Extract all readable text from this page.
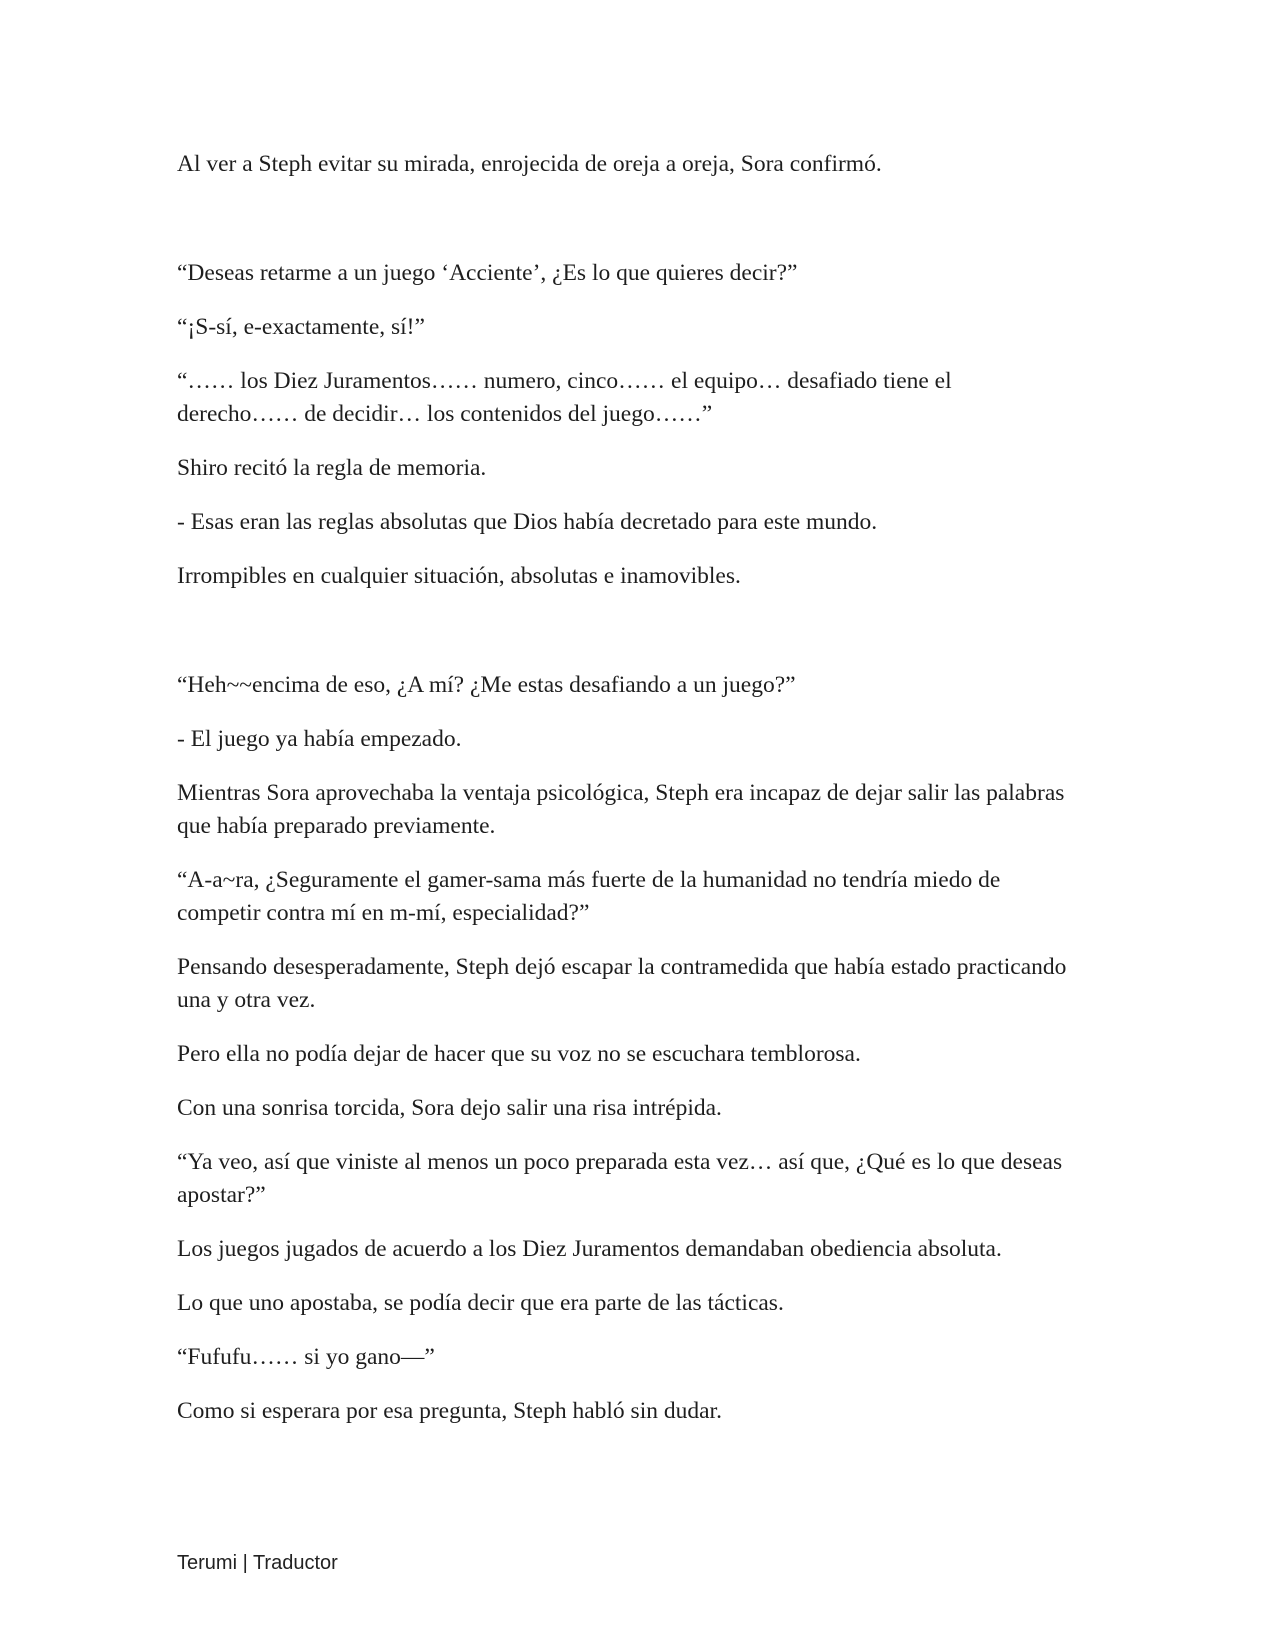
Al ver a Steph evitar su mirada, enrojecida de oreja a oreja, Sora confirmó.

“Deseas retarme a un juego ‘Acciente’, ¿Es lo que quieres decir?”

“¡S-sí, e-exactamente, sí!”

“…… los Diez Juramentos…… numero, cinco…… el equipo… desafiado tiene el derecho…… de decidir… los contenidos del juego……”

Shiro recitó la regla de memoria.

- Esas eran las reglas absolutas que Dios había decretado para este mundo.

Irrompibles en cualquier situación, absolutas e inamovibles.

“Heh~~encima de eso, ¿A mí? ¿Me estas desafiando a un juego?”

- El juego ya había empezado.

Mientras Sora aprovechaba la ventaja psicológica, Steph era incapaz de dejar salir las palabras que había preparado previamente.

“A-a~ra, ¿Seguramente el gamer-sama más fuerte de la humanidad no tendría miedo de competir contra mí en m-mí, especialidad?”

Pensando desesperadamente, Steph dejó escapar la contramedida que había estado practicando una y otra vez.

Pero ella no podía dejar de hacer que su voz no se escuchara temblorosa.

Con una sonrisa torcida, Sora dejo salir una risa intrépida.

“Ya veo, así que viniste al menos un poco preparada esta vez… así que, ¿Qué es lo que deseas apostar?”

Los juegos jugados de acuerdo a los Diez Juramentos demandaban obediencia absoluta.

Lo que uno apostaba, se podía decir que era parte de las tácticas.

“Fufufu…… si yo gano—”

Como si esperara por esa pregunta, Steph habló sin dudar.

Terumi | Traductor
